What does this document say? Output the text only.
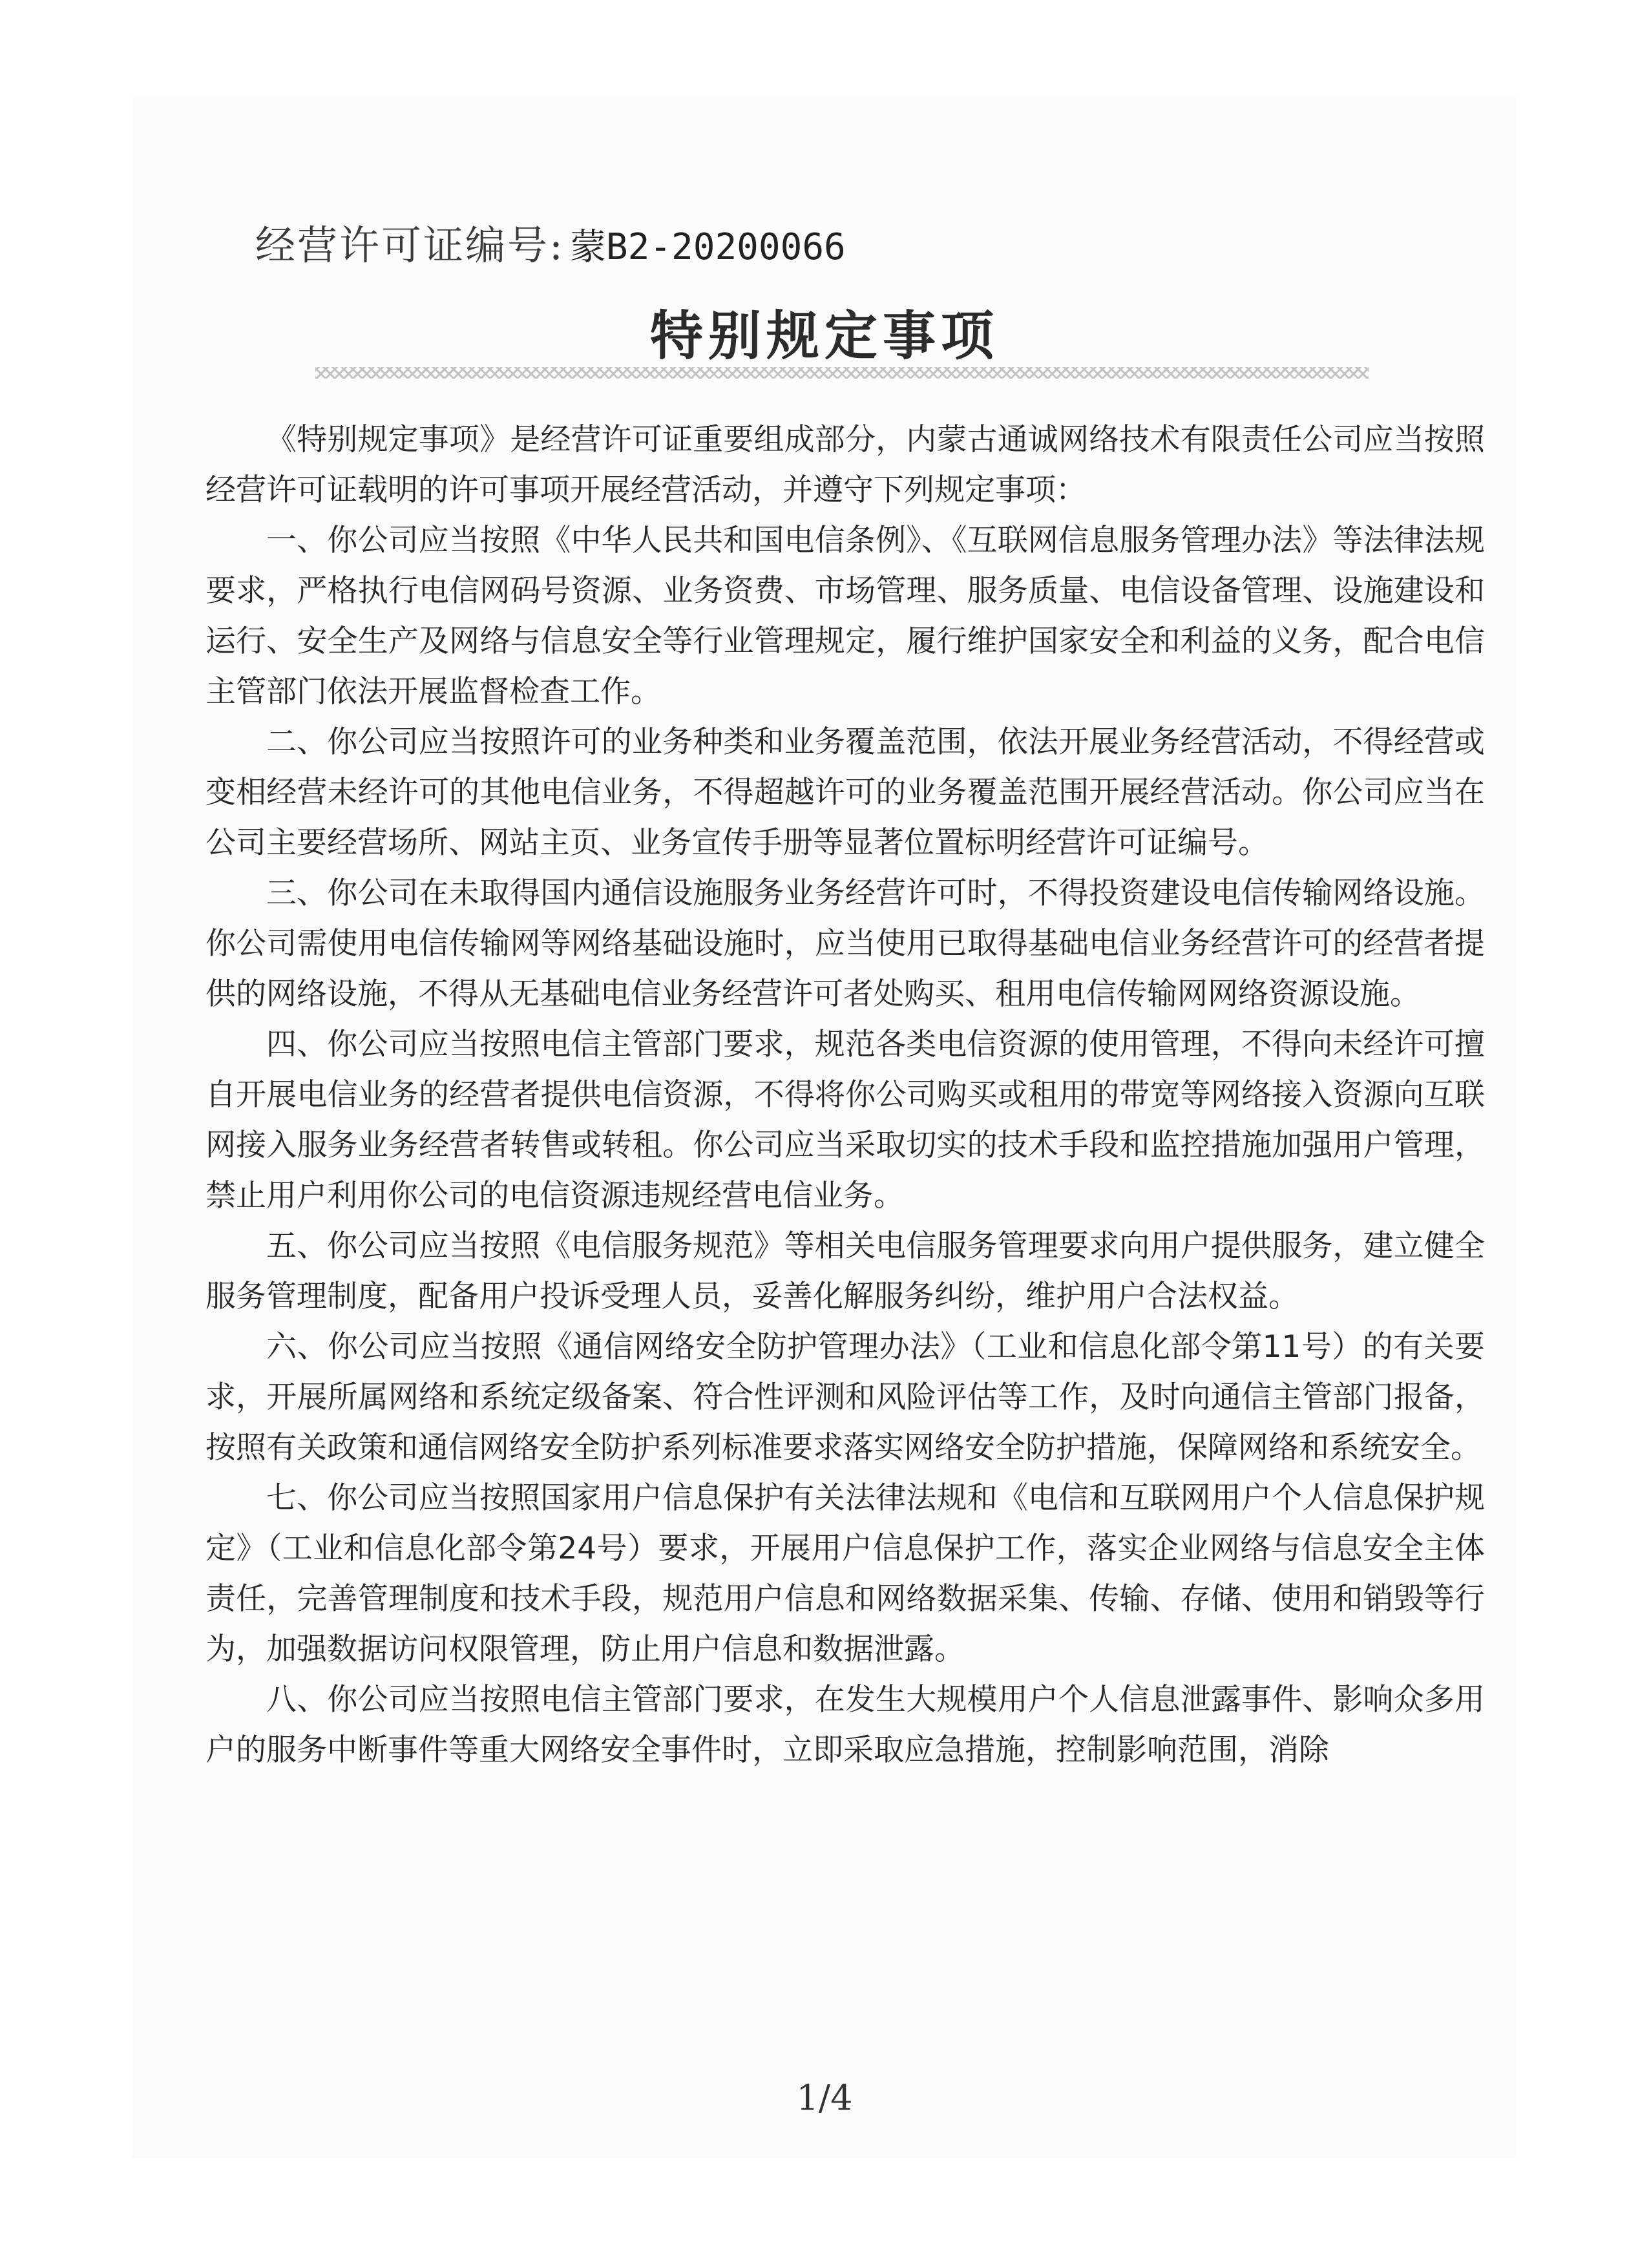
经营许可证编号: 蒙B2-20200066
特别规定事项

《特别规定事项》是经营许可证重要组成部分，内蒙古通诚网络技术有限责任公司应当按照经营许可证载明的许可事项开展经营活动，并遵守下列规定事项：

一、你公司应当按照《中华人民共和国电信条例》、《互联网信息服务管理办法》等法律法规要求，严格执行电信网码号资源、业务资费、市场管理、服务质量、电信设备管理、设施建设和运行、安全生产及网络与信息安全等行业管理规定，履行维护国家安全和利益的义务，配合电信主管部门依法开展监督检查工作。

二、你公司应当按照许可的业务种类和业务覆盖范围，依法开展业务经营活动，不得经营或变相经营未经许可的其他电信业务，不得超越许可的业务覆盖范围开展经营活动。你公司应当在公司主要经营场所、网站主页、业务宣传手册等显著位置标明经营许可证编号。

三、你公司在未取得国内通信设施服务业务经营许可时，不得投资建设电信传输网络设施。你公司需使用电信传输网等网络基础设施时，应当使用已取得基础电信业务经营许可的经营者提供的网络设施，不得从无基础电信业务经营许可者处购买、租用电信传输网网络资源设施。

四、你公司应当按照电信主管部门要求，规范各类电信资源的使用管理，不得向未经许可擅自开展电信业务的经营者提供电信资源，不得将你公司购买或租用的带宽等网络接入资源向互联网接入服务业务经营者转售或转租。你公司应当采取切实的技术手段和监控措施加强用户管理，禁止用户利用你公司的电信资源违规经营电信业务。

五、你公司应当按照《电信服务规范》等相关电信服务管理要求向用户提供服务，建立健全服务管理制度，配备用户投诉受理人员，妥善化解服务纠纷，维护用户合法权益。

六、你公司应当按照《通信网络安全防护管理办法》（工业和信息化部令第11号）的有关要求，开展所属网络和系统定级备案、符合性评测和风险评估等工作，及时向通信主管部门报备，按照有关政策和通信网络安全防护系列标准要求落实网络安全防护措施，保障网络和系统安全。

七、你公司应当按照国家用户信息保护有关法律法规和《电信和互联网用户个人信息保护规定》（工业和信息化部令第24号）要求，开展用户信息保护工作，落实企业网络与信息安全主体责任，完善管理制度和技术手段，规范用户信息和网络数据采集、传输、存储、使用和销毁等行为，加强数据访问权限管理，防止用户信息和数据泄露。

八、你公司应当按照电信主管部门要求，在发生大规模用户个人信息泄露事件、影响众多用户的服务中断事件等重大网络安全事件时，立即采取应急措施，控制影响范围，消除

1/4
